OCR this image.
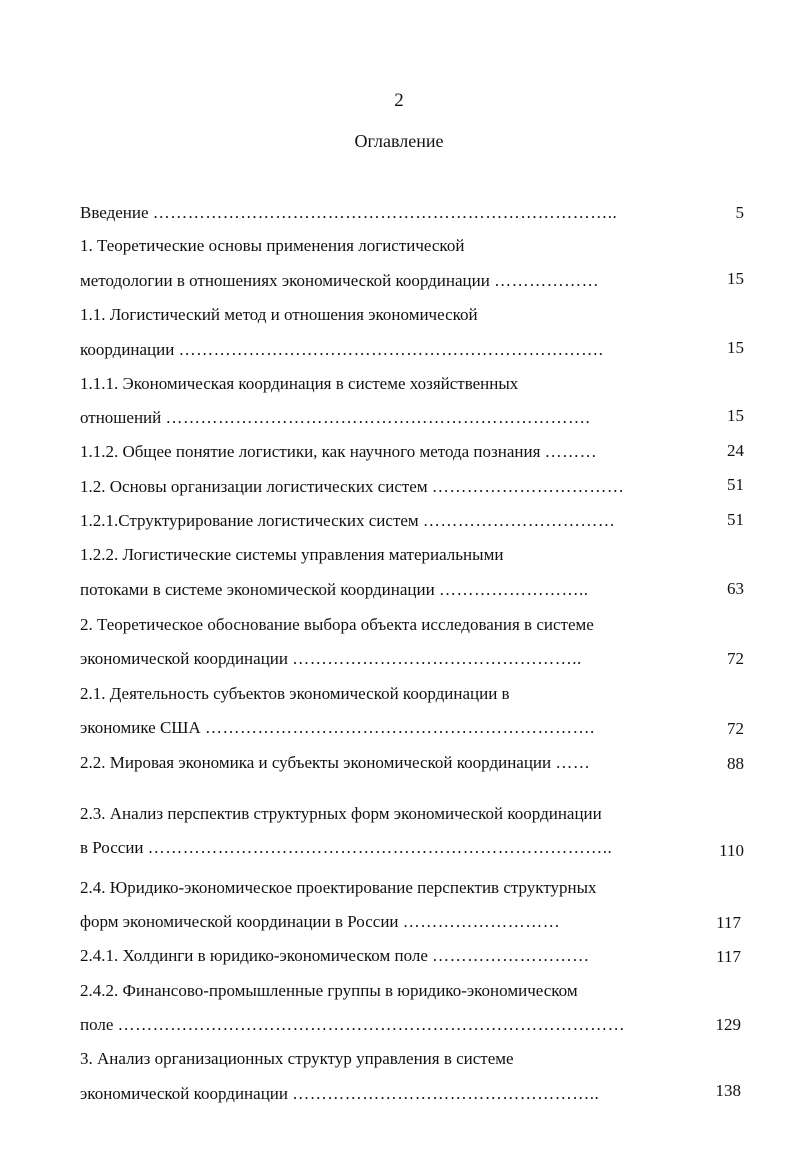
2
Оглавление
Введение ……………………………………………………………………..	5
1. Теоретические основы применения логистической
методологии в отношениях экономической координации ………………	15
1.1. Логистический метод и отношения экономической
координации ……………………………………………………………….	15
1.1.1. Экономическая координация в системе хозяйственных
отношений ……………………………………………………………….	15
1.1.2. Общее понятие логистики, как научного метода познания ………	24
1.2. Основы организации логистических систем ……………………………	51
1.2.1.Структурирование логистических систем ……………………………	51
1.2.2. Логистические системы управления материальными
потоками в системе экономической координации ……………………..	63
2. Теоретическое обоснование выбора объекта исследования в системе
экономической координации …………………………………………..	72
2.1. Деятельность субъектов экономической координации в
экономике США ………………………………………………………….	72
2.2. Мировая экономика и субъекты экономической координации ……	88
2.3. Анализ перспектив структурных форм экономической координации
в России ……………………………………………………………………..	110
2.4. Юридико-экономическое проектирование перспектив структурных
форм экономической координации в России ………………………	117
2.4.1. Холдинги в юридико-экономическом поле ………………………	117
2.4.2. Финансово-промышленные группы в юридико-экономическом
поле ……………………………………………………………………………	129
3. Анализ организационных структур управления в системе
экономической координации ……………………………………………..	138
